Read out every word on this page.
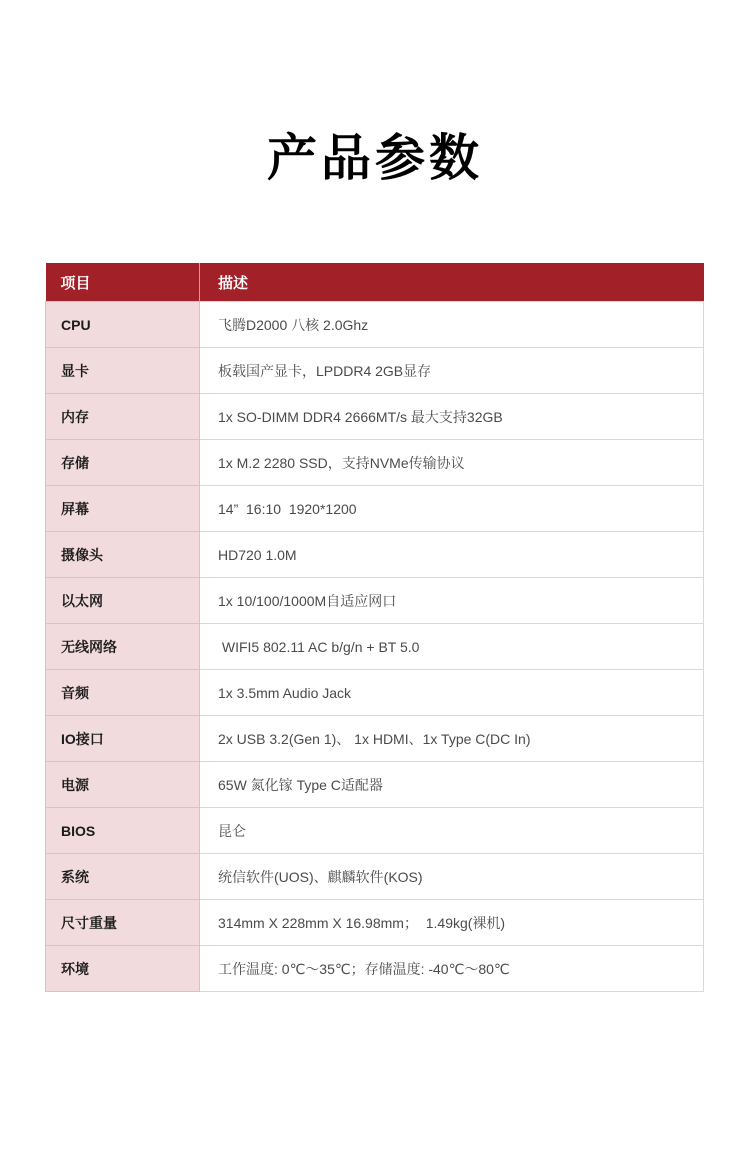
产品参数
项目	描述
CPU	飞腾D2000 八核 2.0Ghz
显卡	板载国产显卡，LPDDR4 2GB显存
内存	1x SO-DIMM DDR4 2666MT/s 最大支持32GB
存储	1x M.2 2280 SSD，支持NVMe传输协议
屏幕	14”  16:10  1920*1200
摄像头	HD720 1.0M
以太网	1x 10/100/1000M自适应网口
无线网络	WIFI5 802.11 AC b/g/n + BT 5.0
音频	1x 3.5mm Audio Jack
IO接口	2x USB 3.2(Gen 1)、 1x HDMI、1x Type C(DC In)
电源	65W 氮化镓 Type C适配器
BIOS	昆仑
系统	统信软件(UOS)、麒麟软件(KOS)
尺寸重量	314mm X 228mm X 16.98mm；  1.49kg(裸机)
环境	工作温度: 0℃～35℃；存储温度: -40℃～80℃
